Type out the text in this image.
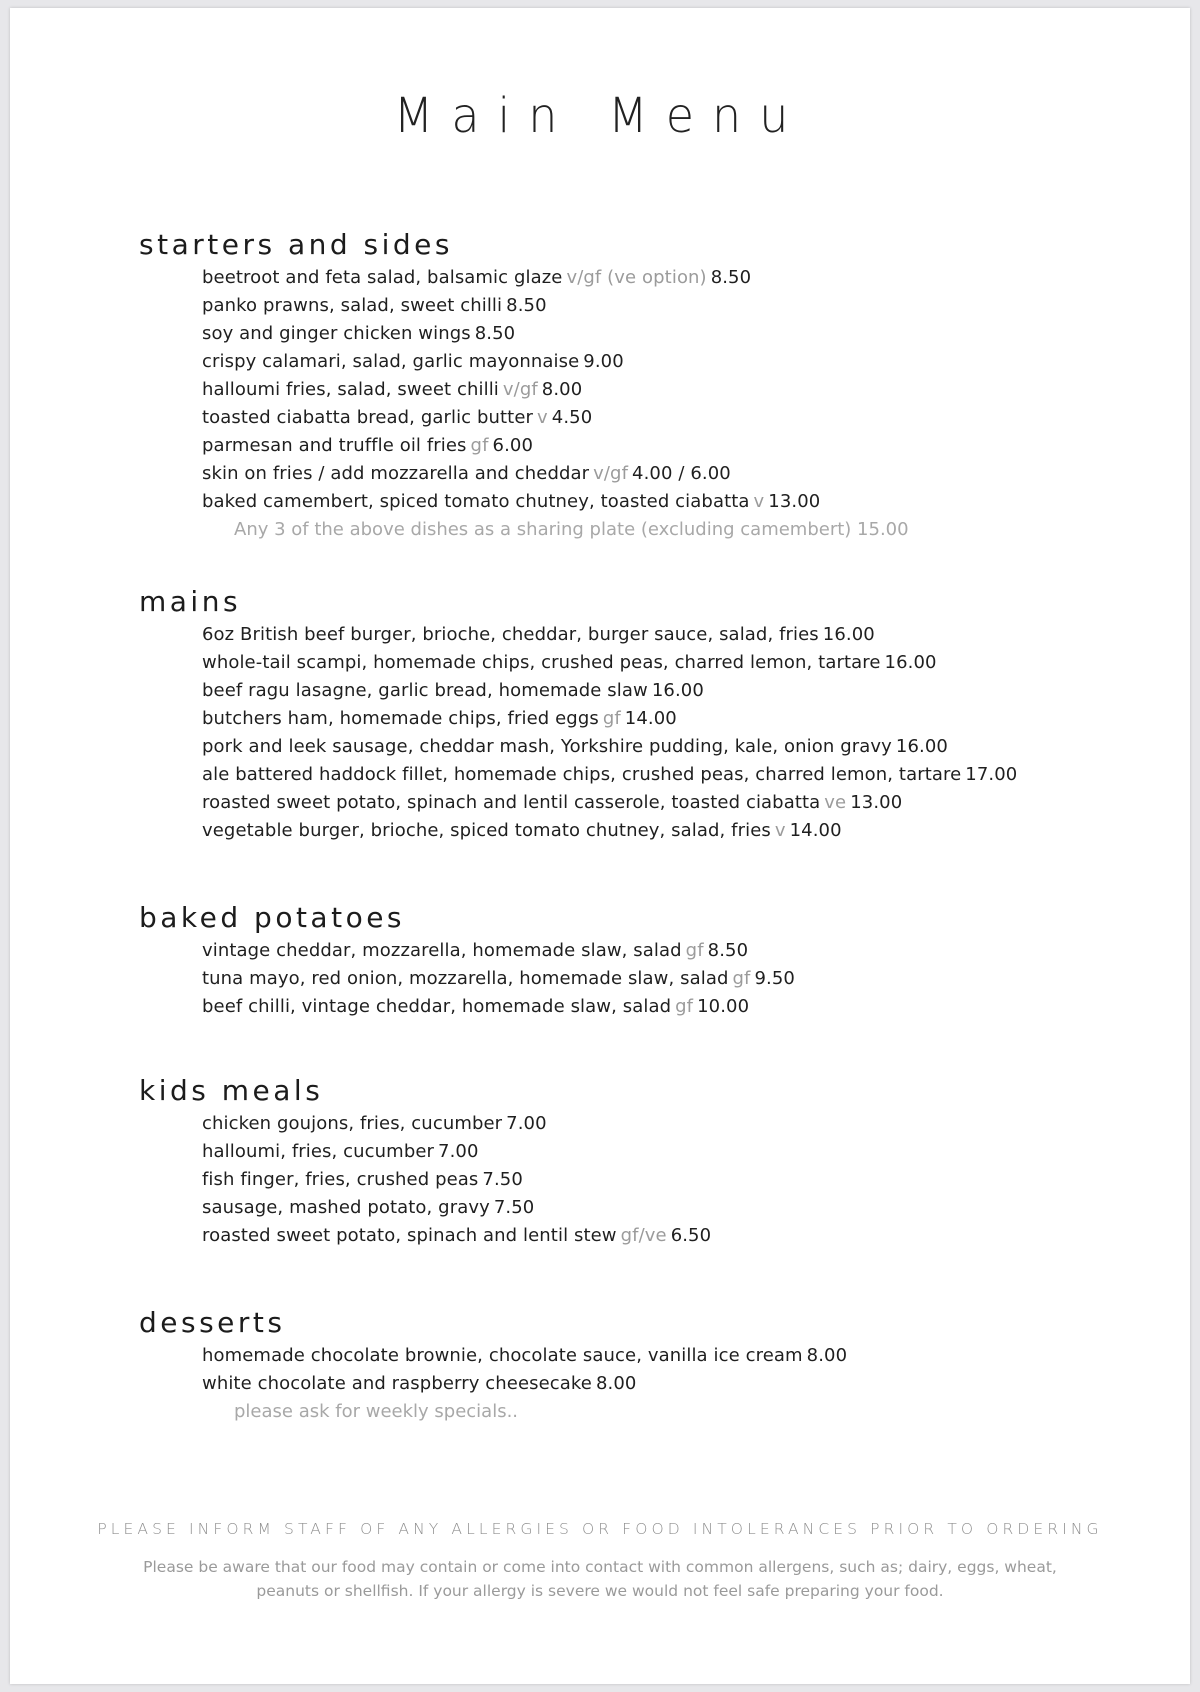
Main Menu
starters and sides
beetroot and feta salad, balsamic glaze v/gf (ve option) 8.50
panko prawns, salad, sweet chilli 8.50
soy and ginger chicken wings 8.50
crispy calamari, salad, garlic mayonnaise 9.00
halloumi fries, salad, sweet chilli v/gf 8.00
toasted ciabatta bread, garlic butter v 4.50
parmesan and truffle oil fries gf 6.00
skin on fries / add mozzarella and cheddar v/gf 4.00 / 6.00
baked camembert, spiced tomato chutney, toasted ciabatta v 13.00
Any 3 of the above dishes as a sharing plate (excluding camembert) 15.00
mains
6oz British beef burger, brioche, cheddar, burger sauce, salad, fries 16.00
whole-tail scampi, homemade chips, crushed peas, charred lemon, tartare 16.00
beef ragu lasagne, garlic bread, homemade slaw 16.00
butchers ham, homemade chips, fried eggs gf 14.00
pork and leek sausage, cheddar mash, Yorkshire pudding, kale, onion gravy 16.00
ale battered haddock fillet, homemade chips, crushed peas, charred lemon, tartare 17.00
roasted sweet potato, spinach and lentil casserole, toasted ciabatta ve 13.00
vegetable burger, brioche, spiced tomato chutney, salad, fries v 14.00
baked potatoes
vintage cheddar, mozzarella, homemade slaw, salad gf 8.50
tuna mayo, red onion, mozzarella, homemade slaw, salad gf 9.50
beef chilli, vintage cheddar, homemade slaw, salad gf 10.00
kids meals
chicken goujons, fries, cucumber 7.00
halloumi, fries, cucumber 7.00
fish finger, fries, crushed peas 7.50
sausage, mashed potato, gravy 7.50
roasted sweet potato, spinach and lentil stew gf/ve 6.50
desserts
homemade chocolate brownie, chocolate sauce, vanilla ice cream 8.00
white chocolate and raspberry cheesecake 8.00
please ask for weekly specials..

PLEASE INFORM STAFF OF ANY ALLERGIES OR FOOD INTOLERANCES PRIOR TO ORDERING

Please be aware that our food may contain or come into contact with common allergens, such as; dairy, eggs, wheat,
peanuts or shellfish. If your allergy is severe we would not feel safe preparing your food.
